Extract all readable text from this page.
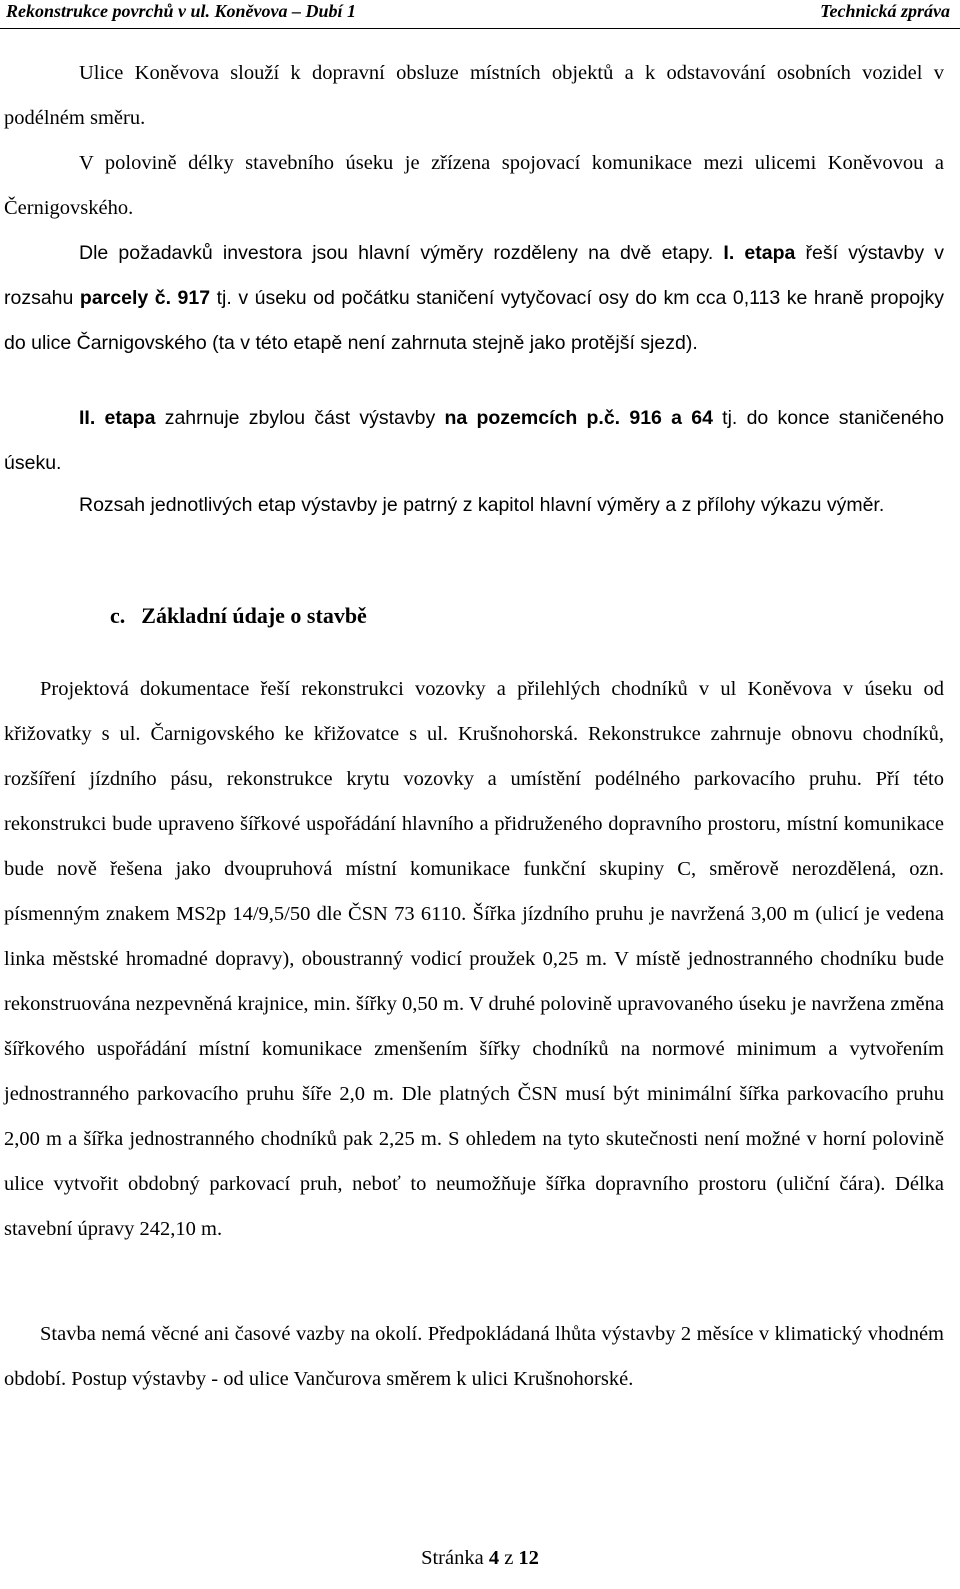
Rekonstrukce povrchů v ul. Koněvova – Dubí 1	Technická zpráva

Ulice Koněvova slouží k dopravní obsluze místních objektů a k odstavování osobních vozidel v podélném směru.

V polovině délky stavebního úseku je zřízena spojovací komunikace mezi ulicemi Koněvovou a Černigovského.

Dle požadavků investora jsou hlavní výměry rozděleny na dvě etapy. I. etapa řeší výstavby v rozsahu parcely č. 917 tj. v úseku od počátku staničení vytyčovací osy do km cca 0,113 ke hraně propojky do ulice Čarnigovského (ta v této etapě není zahrnuta stejně jako protější sjezd).

II. etapa zahrnuje zbylou část výstavby na pozemcích p.č. 916 a 64 tj. do konce staničeného úseku.

Rozsah jednotlivých etap výstavby je patrný z kapitol hlavní výměry a z přílohy výkazu výměr.

c. Základní údaje o stavbě

Projektová dokumentace řeší rekonstrukci vozovky a přilehlých chodníků v ul Koněvova v úseku od křižovatky s ul. Čarnigovského ke křižovatce s ul. Krušnohorská. Rekonstrukce zahrnuje obnovu chodníků, rozšíření jízdního pásu, rekonstrukce krytu vozovky a umístění podélného parkovacího pruhu. Pří této rekonstrukci bude upraveno šířkové uspořádání hlavního a přidruženého dopravního prostoru, místní komunikace bude nově řešena jako dvoupruhová místní komunikace funkční skupiny C, směrově nerozdělená, ozn. písmenným znakem MS2p 14/9,5/50 dle ČSN 73 6110. Šířka jízdního pruhu je navržená 3,00 m (ulicí je vedena linka městské hromadné dopravy), oboustranný vodicí proužek 0,25 m. V místě jednostranného chodníku bude rekonstruována nezpevněná krajnice, min. šířky 0,50 m. V druhé polovině upravovaného úseku je navržena změna šířkového uspořádání místní komunikace zmenšením šířky chodníků na normové minimum a vytvořením jednostranného parkovacího pruhu šíře 2,0 m. Dle platných ČSN musí být minimální šířka parkovacího pruhu 2,00 m a šířka jednostranného chodníků pak 2,25 m. S ohledem na tyto skutečnosti není možné v horní polovině ulice vytvořit obdobný parkovací pruh, neboť to neumožňuje šířka dopravního prostoru (uliční čára). Délka stavební úpravy 242,10 m.

Stavba nemá věcné ani časové vazby na okolí. Předpokládaná lhůta výstavby 2 měsíce v klimatický vhodném období. Postup výstavby - od ulice Vančurova směrem k ulici Krušnohorské.

Stránka 4 z 12
